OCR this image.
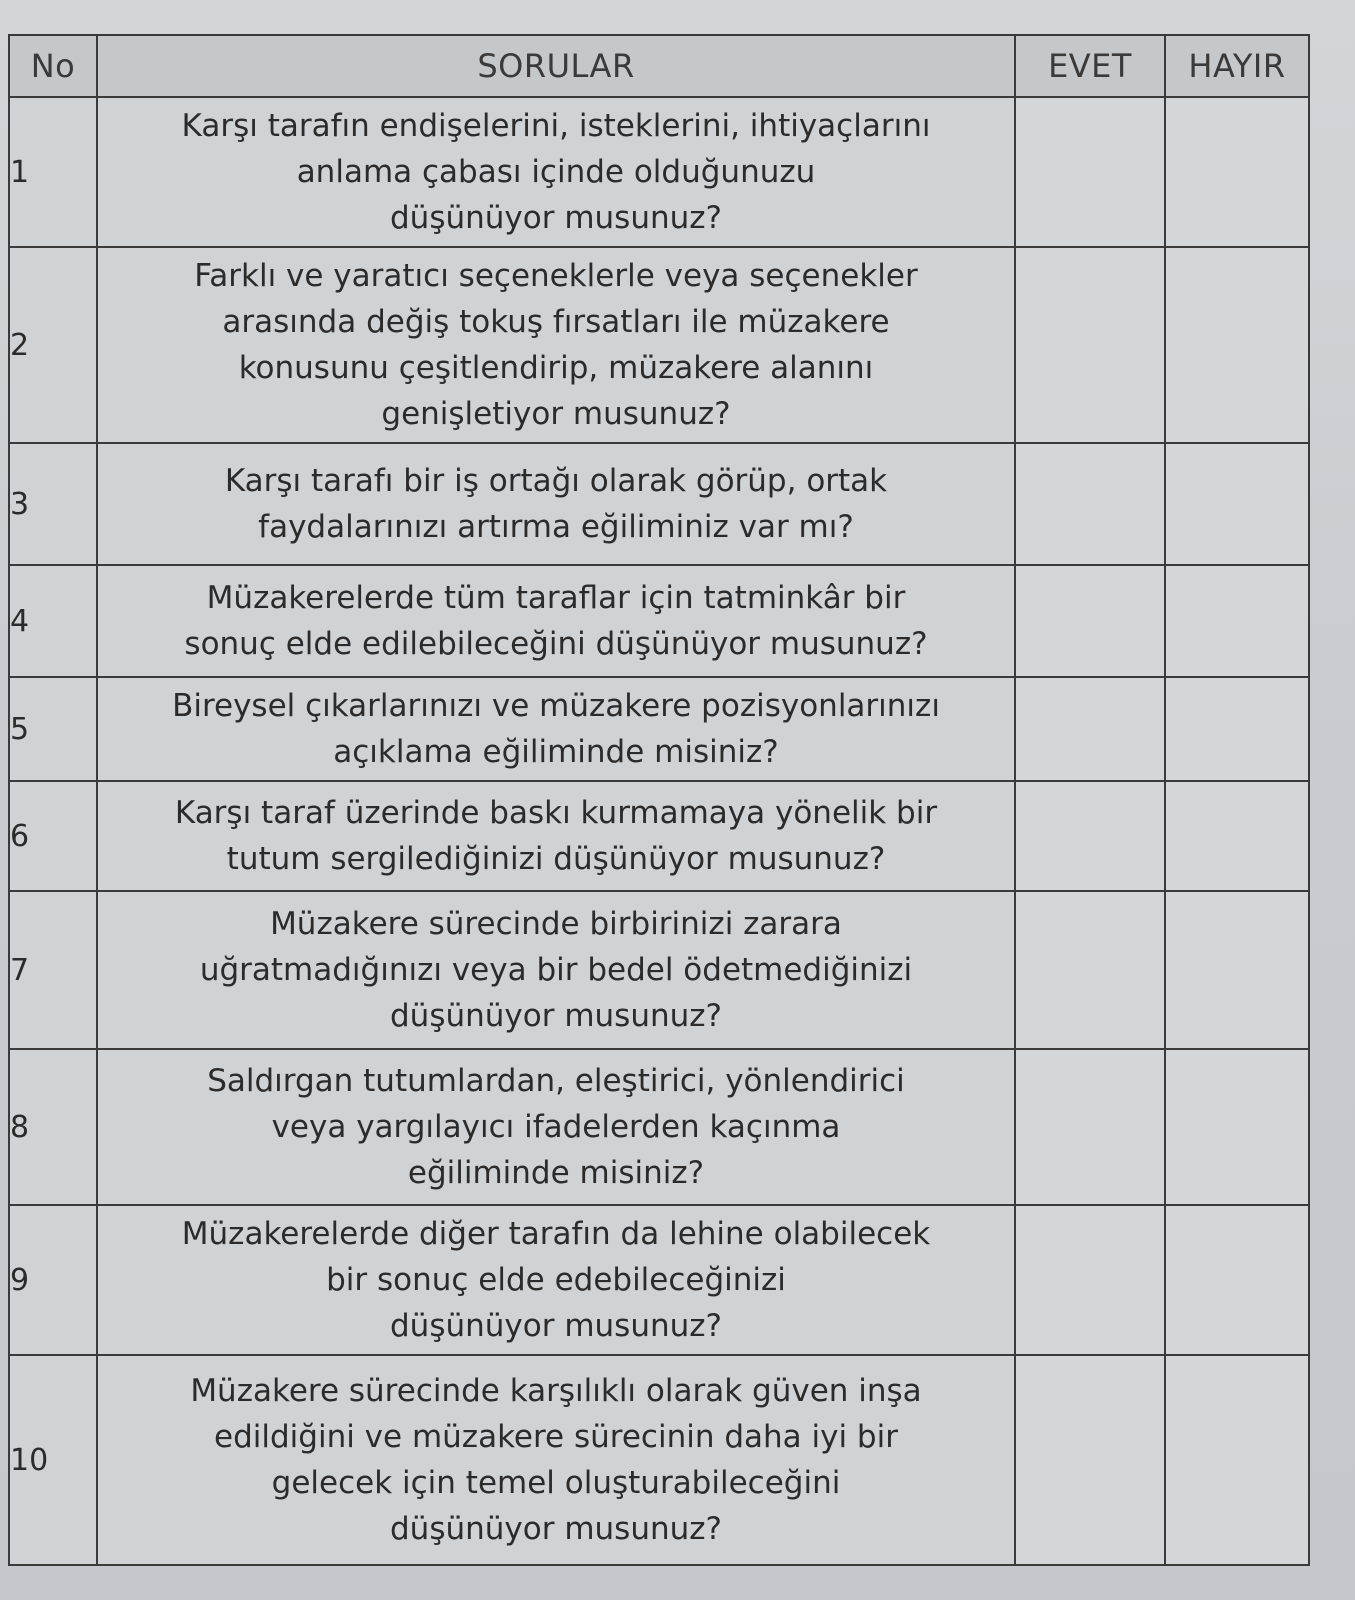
No	SORULAR	EVET	HAYIR
1	Karşı tarafın endişelerini, isteklerini, ihtiyaçlarını
anlama çabası içinde olduğunuzu
düşünüyor musunuz?		

2	Farklı ve yaratıcı seçeneklerle veya seçenekler
arasında değiş tokuş fırsatları ile müzakere
konusunu çeşitlendirip, müzakere alanını
genişletiyor musunuz?		

3	Karşı tarafı bir iş ortağı olarak görüp, ortak
faydalarınızı artırma eğiliminiz var mı?		

4	Müzakerelerde tüm taraflar için tatminkâr bir
sonuç elde edilebileceğini düşünüyor musunuz?		

5	Bireysel çıkarlarınızı ve müzakere pozisyonlarınızı
açıklama eğiliminde misiniz?		

6	Karşı taraf üzerinde baskı kurmamaya yönelik bir
tutum sergilediğinizi düşünüyor musunuz?		

7	Müzakere sürecinde birbirinizi zarara
uğratmadığınızı veya bir bedel ödetmediğinizi
düşünüyor musunuz?		

8	Saldırgan tutumlardan, eleştirici, yönlendirici
veya yargılayıcı ifadelerden kaçınma
eğiliminde misiniz?		

9	Müzakerelerde diğer tarafın da lehine olabilecek
bir sonuç elde edebileceğinizi
düşünüyor musunuz?		

10	Müzakere sürecinde karşılıklı olarak güven inşa
edildiğini ve müzakere sürecinin daha iyi bir
gelecek için temel oluşturabileceğini
düşünüyor musunuz?		
